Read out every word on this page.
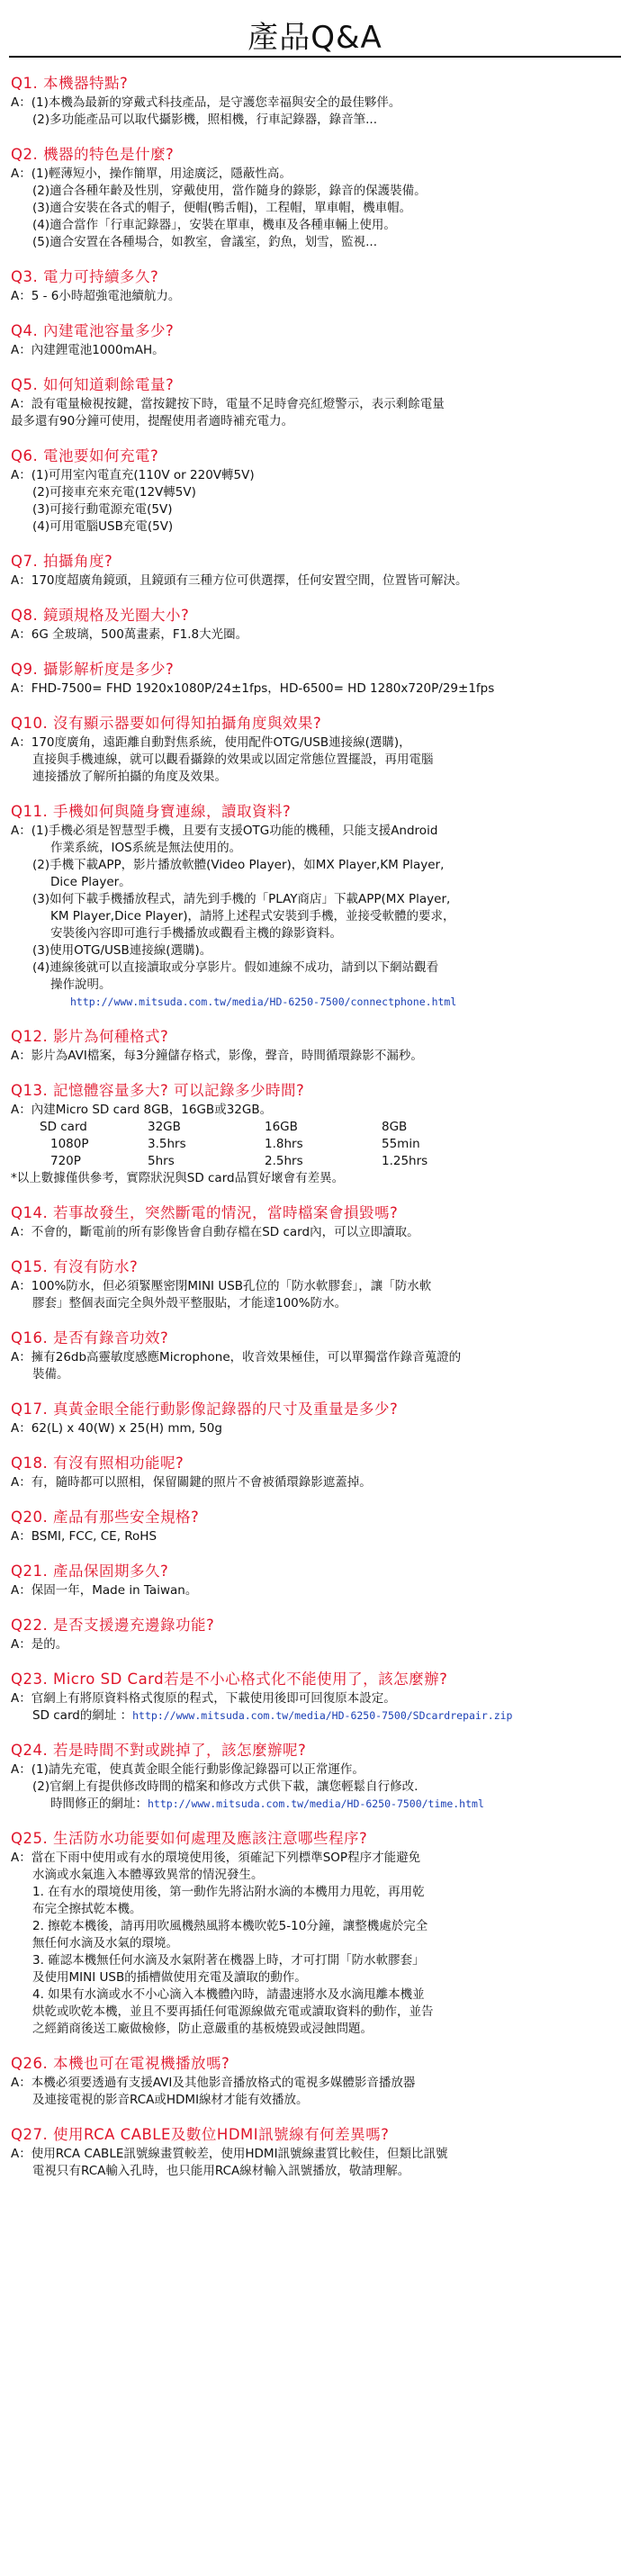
產品Q&A
Q1. 本機器特點?
A：(1)本機為最新的穿戴式科技產品，是守護您幸福與安全的最佳夥伴。
(2)多功能產品可以取代攝影機，照相機，行車記錄器，錄音筆...
Q2. 機器的特色是什麼?
A：(1)輕薄短小，操作簡單，用途廣泛，隱蔽性高。
(2)適合各種年齡及性別，穿戴使用，當作隨身的錄影，錄音的保護裝備。
(3)適合安裝在各式的帽子，便帽(鴨舌帽)，工程帽，單車帽，機車帽。
(4)適合當作「行車記錄器」，安裝在單車，機車及各種車輛上使用。
(5)適合安置在各種場合，如教室，會議室，釣魚，划雪，監視...
Q3. 電力可持續多久?
A：5 - 6小時超強電池續航力。
Q4. 內建電池容量多少?
A：內建鋰電池1000mAH。
Q5. 如何知道剩餘電量?
A：設有電量檢視按鍵，當按鍵按下時，電量不足時會亮紅燈警示，表示剩餘電量
最多還有90分鐘可使用，提醒使用者適時補充電力。
Q6. 電池要如何充電?
A：(1)可用室內電直充(110V or 220V轉5V)
(2)可接車充來充電(12V轉5V)
(3)可接行動電源充電(5V)
(4)可用電腦USB充電(5V)
Q7. 拍攝角度?
A：170度超廣角鏡頭，且鏡頭有三種方位可供選擇，任何安置空間，位置皆可解決。
Q8. 鏡頭規格及光圈大小?
A：6G 全玻璃，500萬畫素，F1.8大光圈。
Q9. 攝影解析度是多少?
A：FHD-7500= FHD 1920x1080P/24±1fps，HD-6500= HD 1280x720P/29±1fps
Q10. 沒有顯示器要如何得知拍攝角度與效果?
A：170度廣角，遠距離自動對焦系統，使用配件OTG/USB連接線(選購)，
直接與手機連線，就可以觀看攝錄的效果或以固定常態位置擺設，再用電腦
連接播放了解所拍攝的角度及效果。
Q11. 手機如何與隨身寶連線，讀取資料?
A：(1)手機必須是智慧型手機，且要有支援OTG功能的機種，只能支援Android
作業系統，IOS系統是無法使用的。
(2)手機下載APP，影片播放軟體(Video Player)，如MX Player,KM Player,
Dice Player。
(3)如何下載手機播放程式，請先到手機的「PLAY商店」下載APP(MX Player,
KM Player,Dice Player)，請將上述程式安裝到手機，並接受軟體的要求，
安裝後內容即可進行手機播放或觀看主機的錄影資料。
(3)使用OTG/USB連接線(選購)。
(4)連線後就可以直接讀取或分享影片。假如連線不成功，請到以下網站觀看
操作說明。
http://www.mitsuda.com.tw/media/HD-6250-7500/connectphone.html
Q12. 影片為何種格式?
A：影片為AVI檔案，每3分鐘儲存格式，影像，聲音，時間循環錄影不漏秒。
Q13. 記憶體容量多大? 可以記錄多少時間?
A：內建Micro SD card 8GB，16GB或32GB。
SD card	32GB	16GB	8GB
1080P	3.5hrs	1.8hrs	55min
720P	5hrs	2.5hrs	1.25hrs
*以上數據僅供參考，實際狀況與SD card品質好壞會有差異。
Q14. 若事故發生，突然斷電的情況，當時檔案會損毀嗎?
A：不會的，斷電前的所有影像皆會自動存檔在SD card內，可以立即讀取。
Q15. 有沒有防水?
A：100%防水，但必須緊壓密閉MINI USB孔位的「防水軟膠套」，讓「防水軟
膠套」整個表面完全與外殼平整服貼，才能達100%防水。
Q16. 是否有錄音功效?
A：擁有26db高靈敏度感應Microphone，收音效果極佳，可以單獨當作錄音蒐證的
裝備。
Q17. 真黃金眼全能行動影像記錄器的尺寸及重量是多少?
A：62(L) x 40(W) x 25(H) mm, 50g
Q18. 有沒有照相功能呢?
A：有，隨時都可以照相，保留關鍵的照片不會被循環錄影遮蓋掉。
Q20. 產品有那些安全規格?
A：BSMI, FCC, CE, RoHS
Q21. 產品保固期多久?
A：保固一年，Made in Taiwan。
Q22. 是否支援邊充邊錄功能?
A：是的。
Q23. Micro SD Card若是不小心格式化不能使用了，該怎麼辦?
A：官網上有將原資料格式復原的程式，下載使用後即可回復原本設定。
SD card的網址 ：http://www.mitsuda.com.tw/media/HD-6250-7500/SDcardrepair.zip
Q24. 若是時間不對或跳掉了，該怎麼辦呢?
A：(1)請先充電，使真黃金眼全能行動影像記錄器可以正常運作。
(2)官網上有提供修改時間的檔案和修改方式供下載，讓您輕鬆自行修改.
時間修正的網址：http://www.mitsuda.com.tw/media/HD-6250-7500/time.html
Q25. 生活防水功能要如何處理及應該注意哪些程序?
A：當在下雨中使用或有水的環境使用後，須確記下列標準SOP程序才能避免
水滴或水氣進入本體導致異常的情況發生。
1. 在有水的環境使用後，第一動作先將沾附水滴的本機用力甩乾，再用乾
布完全擦拭乾本機。
2. 擦乾本機後，請再用吹風機熱風將本機吹乾5-10分鐘，讓整機處於完全
無任何水滴及水氣的環境。
3. 確認本機無任何水滴及水氣附著在機器上時，才可打開「防水軟膠套」
及使用MINI USB的插槽做使用充電及讀取的動作。
4. 如果有水滴或水不小心滴入本機體內時，請盡速將水及水滴甩離本機並
烘乾或吹乾本機，並且不要再插任何電源線做充電或讀取資料的動作，並告
之經銷商後送工廠做檢修，防止意嚴重的基板燒毀或浸蝕問題。
Q26. 本機也可在電視機播放嗎?
A：本機必須要透過有支援AVI及其他影音播放格式的電視多媒體影音播放器
及連接電視的影音RCA或HDMI線材才能有效播放。
Q27. 使用RCA CABLE及數位HDMI訊號線有何差異嗎?
A：使用RCA CABLE訊號線畫質較差，使用HDMI訊號線畫質比較佳，但類比訊號
電視只有RCA輸入孔時，也只能用RCA線材輸入訊號播放，敬請理解。
